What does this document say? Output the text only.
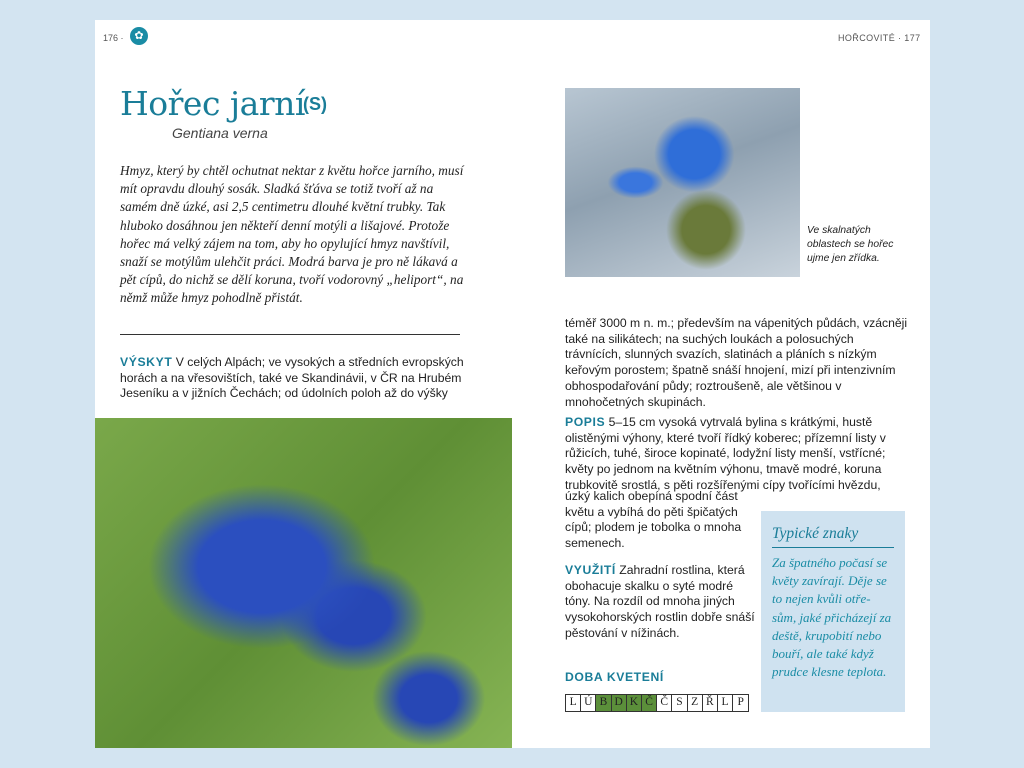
176 · ✿	HOŘCOVITÉ · 177
Hořec jarní
(S)
Gentiana verna
Hmyz, který by chtěl ochutnat nektar z květu hořce jarního, musí mít opravdu dlouhý sosák. Sladká šťáva se totiž tvoří až na samém dně úzké, asi 2,5 centimetru dlouhé květní trubky. Tak hluboko dosáhnou jen někteří denní motýli a lišajové. Protože hořec má velký zájem na tom, aby ho opylující hmyz navštívil, snaží se motýlům ulehčit práci. Modrá barva je pro ně lákavá a pět cípů, do nichž se dělí koruna, tvoří vodorovný „heliport“, na němž může hmyz pohodlně přistát.
VÝSKYT V celých Alpách; ve vysokých a středních evropských horách a na vřesovištích, také ve Skandinávii, v ČR na Hrubém Jeseníku a v jižních Čechách; od údolních poloh až do výšky
Ve skalnatých oblastech se hořec ujme jen zřídka.
téměř 3000 m n. m.; především na vápenitých půdách, vzácněji také na silikátech; na suchých loukách a polosuchých trávnících, slunných svazích, slatinách a pláních s nízkým keřovým porostem; špatně snáší hnojení, mizí při intenzivním obhospodařování půdy; roztroušeně, ale většinou v mnohočetných skupinách.
POPIS 5–15 cm vysoká vytrvalá bylina s krátkými, hustě olistěnými výhony, které tvoří řídký koberec; přízemní listy v růžicích, tuhé, široce kopinaté, lodyžní listy menší, vstřícné; květy po jednom na květním výhonu, tmavě modré, koruna trubkovitě srostlá, s pěti rozšířenými cípy tvořícími hvězdu,
úzký kalich obepíná spodní část květu a vybíhá do pěti špičatých cípů; plodem je tobolka o mnoha semenech.
VYUŽITÍ Zahradní rostlina, která obohacuje skalku o syté modré tóny. Na rozdíl od mnoha jiných vysokohorských rostlin dobře snáší pěstování v nížinách.
DOBA KVETENÍ
L Ú B D K Č Č S Z Ř L P
Typické znaky

Za špatného počasí se květy zavírají. Děje se to nejen kvůli otře-sům, jaké přicházejí za deště, krupobití nebo bouří, ale také když prudce klesne teplota.
